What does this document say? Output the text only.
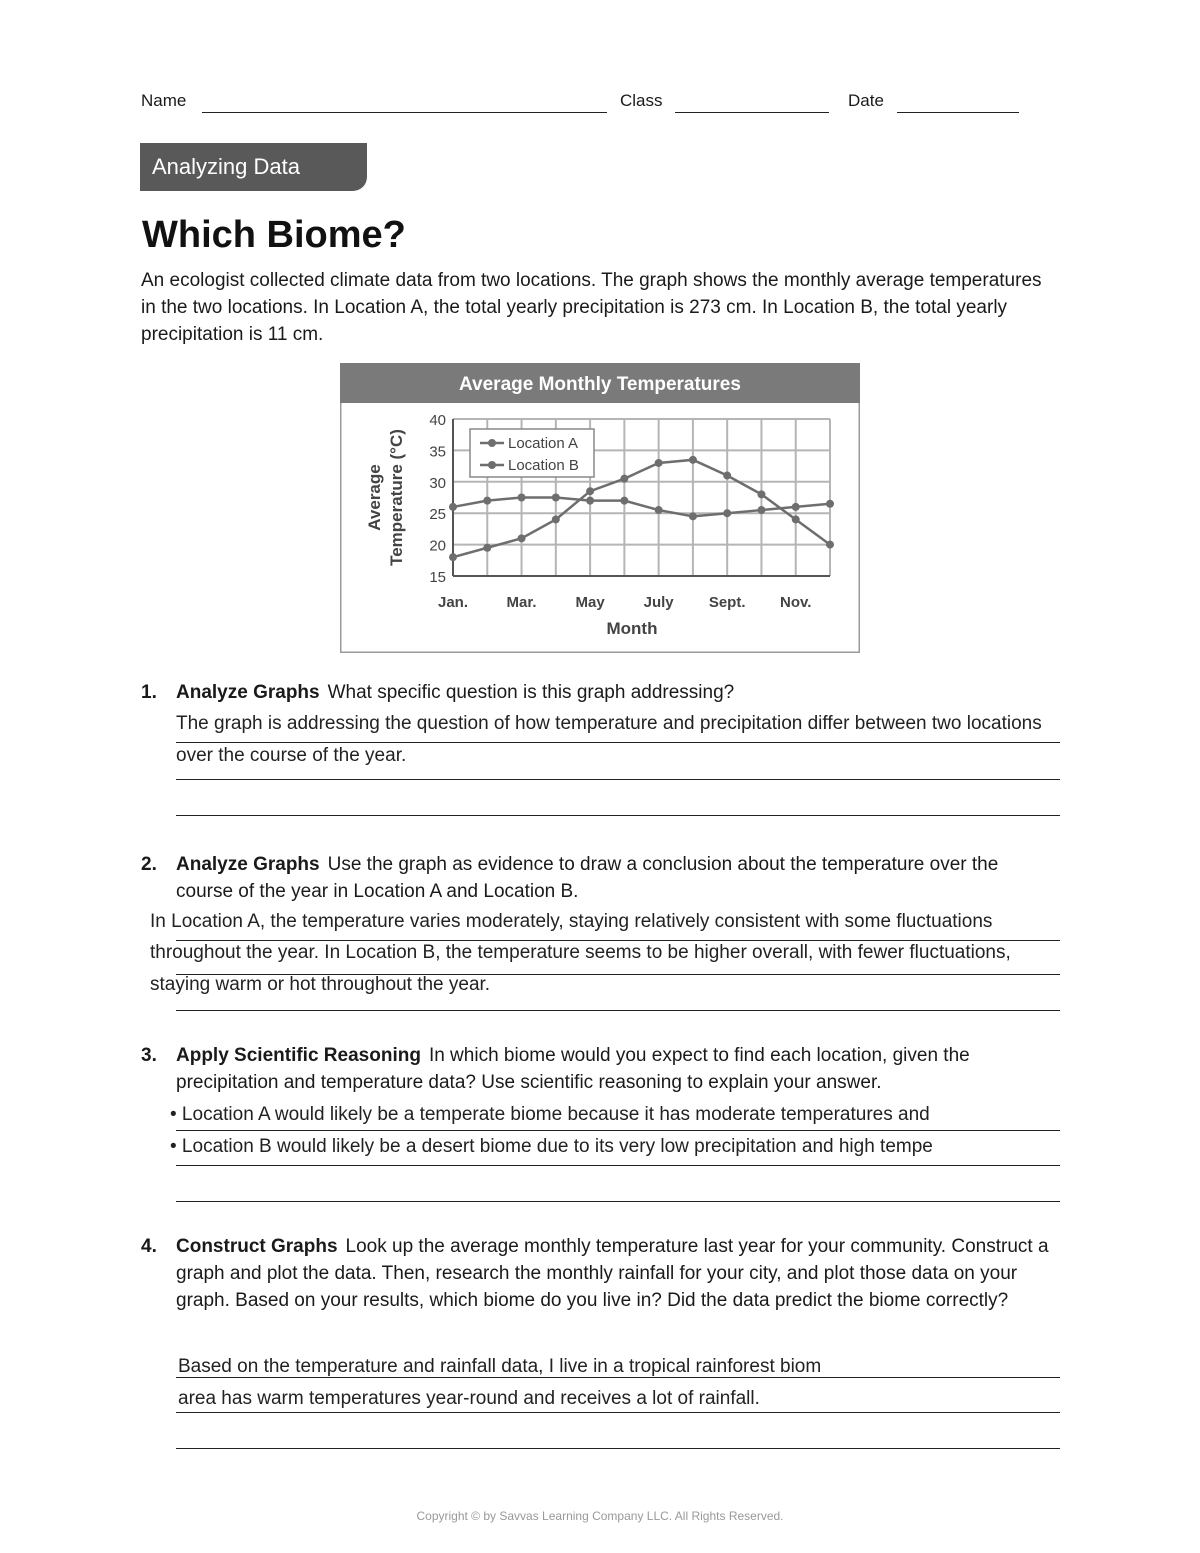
Name	Class	Date
Analyzing Data
Which Biome?
An ecologist collected climate data from two locations. The graph shows the monthly average temperatures in the two locations. In Location A, the total yearly precipitation is 273 cm. In Location B, the total yearly precipitation is 11 cm.
Average Monthly Temperatures
40
35
30
25
20
15
Jan.	Mar.	May	July Sept. Nov.
Location A
Location B
Average Temperature (°C)
Month
1. Analyze Graphs What specific question is this graph addressing?
The graph is addressing the question of how temperature and precipitation differ between two locations
over the course of the year.
2. Analyze Graphs Use the graph as evidence to draw a conclusion about the temperature over the course of the year in Location A and Location B.
In Location A, the temperature varies moderately, staying relatively consistent with some fluctuations
throughout the year. In Location B, the temperature seems to be higher overall, with fewer fluctuations,
staying warm or hot throughout the year.
3. Apply Scientific Reasoning In which biome would you expect to find each location, given the precipitation and temperature data? Use scientific reasoning to explain your answer.
• Location A would likely be a temperate biome because it has moderate temperatures and
• Location B would likely be a desert biome due to its very low precipitation and high tempe
4. Construct Graphs Look up the average monthly temperature last year for your community. Construct a graph and plot the data. Then, research the monthly rainfall for your city, and plot those data on your graph. Based on your results, which biome do you live in? Did the data predict the biome correctly?
Based on the temperature and rainfall data, I live in a tropical rainforest biom
area has warm temperatures year-round and receives a lot of rainfall.
Copyright © by Savvas Learning Company LLC. All Rights Reserved.
